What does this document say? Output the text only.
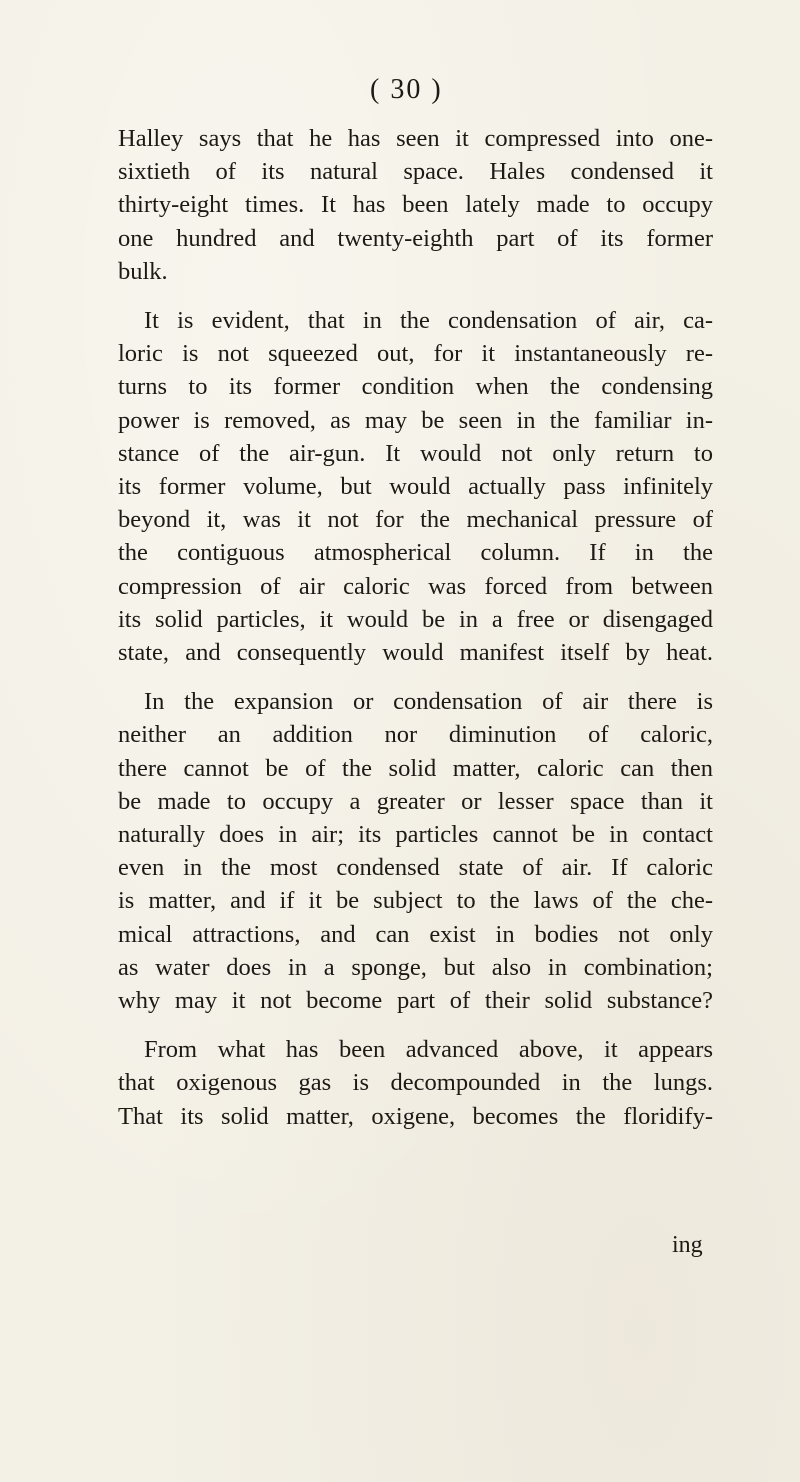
( 30 )

Halley says that he has seen it compressed into one-
sixtieth of its natural space. Hales condensed it
thirty-eight times. It has been lately made to occupy
one hundred and twenty-eighth part of its former
bulk.

It is evident, that in the condensation of air, ca-
loric is not squeezed out, for it instantaneously re-
turns to its former condition when the condensing
power is removed, as may be seen in the familiar in-
stance of the air-gun. It would not only return to
its former volume, but would actually pass infinitely
beyond it, was it not for the mechanical pressure of
the contiguous atmospherical column. If in the
compression of air caloric was forced from between
its solid particles, it would be in a free or disengaged
state, and consequently would manifest itself by heat.

In the expansion or condensation of air there is
neither an addition nor diminution of caloric,
there cannot be of the solid matter, caloric can then
be made to occupy a greater or lesser space than it
naturally does in air; its particles cannot be in contact
even in the most condensed state of air. If caloric
is matter, and if it be subject to the laws of the che-
mical attractions, and can exist in bodies not only
as water does in a sponge, but also in combination;
why may it not become part of their solid substance?

From what has been advanced above, it appears
that oxigenous gas is decompounded in the lungs.
That its solid matter, oxigene, becomes the floridify-

ing
